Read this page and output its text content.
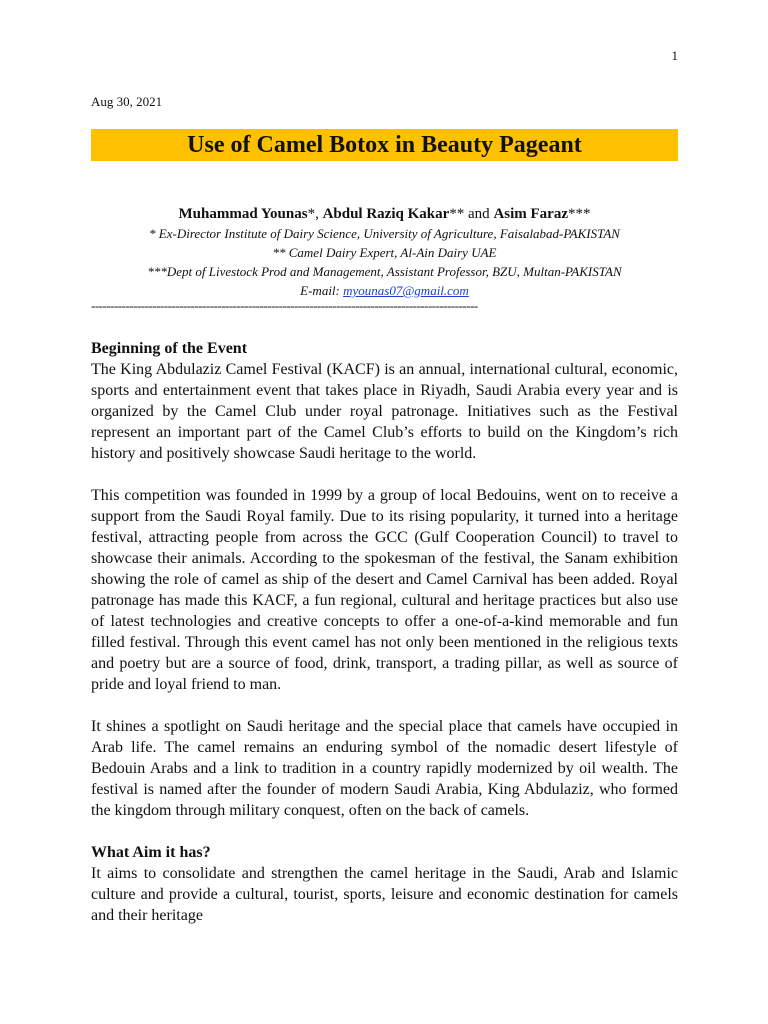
1
Aug 30, 2021
Use of Camel Botox in Beauty Pageant
Muhammad Younas*, Abdul Raziq Kakar** and Asim Faraz***
* Ex-Director Institute of Dairy Science, University of Agriculture, Faisalabad-PAKISTAN
** Camel Dairy Expert, Al-Ain Dairy UAE
***Dept of Livestock Prod and Management, Assistant Professor, BZU, Multan-PAKISTAN
E-mail: myounas07@gmail.com
-----------------------------------------------------------------------------------------------------
Beginning of the Event

The King Abdulaziz Camel Festival (KACF) is an annual, international cultural, economic, sports and entertainment event that takes place in Riyadh, Saudi Arabia every year and is organized by the Camel Club under royal patronage. Initiatives such as the Festival represent an important part of the Camel Club’s efforts to build on the Kingdom’s rich history and positively showcase Saudi heritage to the world.

This competition was founded in 1999 by a group of local Bedouins, went on to receive a support from the Saudi Royal family. Due to its rising popularity, it turned into a heritage festival, attracting people from across the GCC (Gulf Cooperation Council) to travel to showcase their animals. According to the spokesman of the festival, the Sanam exhibition showing the role of camel as ship of the desert and Camel Carnival has been added. Royal patronage has made this KACF, a fun regional, cultural and heritage practices but also use of latest technologies and creative concepts to offer a one-of-a-kind memorable and fun filled festival. Through this event camel has not only been mentioned in the religious texts and poetry but are a source of food, drink, transport, a trading pillar, as well as source of pride and loyal friend to man.

It shines a spotlight on Saudi heritage and the special place that camels have occupied in Arab life. The camel remains an enduring symbol of the nomadic desert lifestyle of Bedouin Arabs and a link to tradition in a country rapidly modernized by oil wealth. The festival is named after the founder of modern Saudi Arabia, King Abdulaziz, who formed the kingdom through military conquest, often on the back of camels.

What Aim it has?

It aims to consolidate and strengthen the camel heritage in the Saudi, Arab and Islamic culture and provide a cultural, tourist, sports, leisure and economic destination for camels and their heritage
